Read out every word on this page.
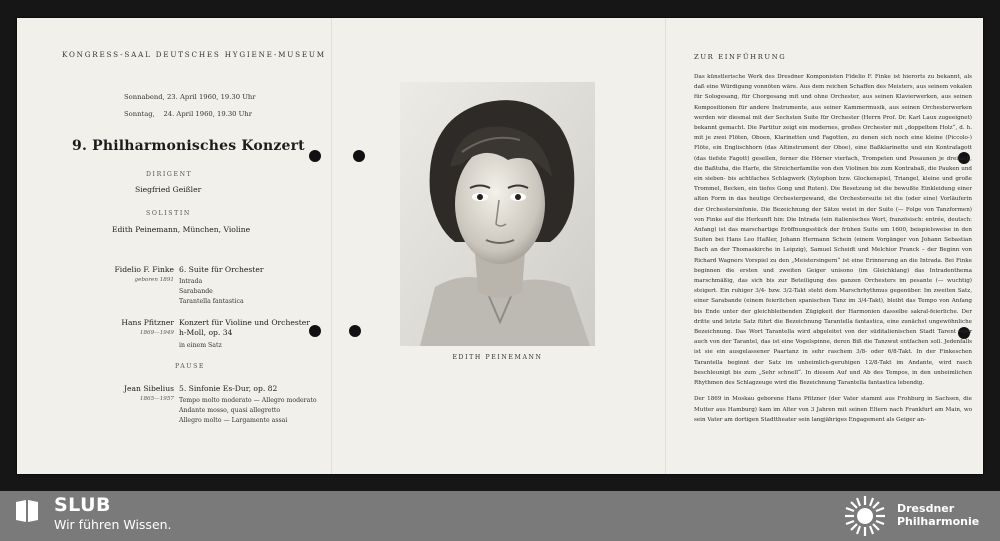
KONGRESS-SAAL DEUTSCHES HYGIENE-MUSEUM
Sonnabend, 23. April 1960, 19.30 Uhr
Sonntag,    24. April 1960, 19.30 Uhr
9. Philharmonisches Konzert
DIRIGENT
Siegfried Geißler
SOLISTIN
Edith Peinemann, München, Violine
Fidelio F. Finke
geboren 1891
6. Suite für Orchester
Intrada
Sarabande
Tarantella fantastica
Hans Pfitzner
1869—1949
Konzert für Violine und Orchester h-Moll, op. 34
in einem Satz
PAUSE
Jean Sibelius
1865—1957
5. Sinfonie Es-Dur, op. 82
Tempo molto moderato — Allegro moderato
Andante mosso, quasi allegretto
Allegro molto — Largamente assai
EDITH PEINEMANN
ZUR EINFÜHRUNG

Das künstlerische Werk des Dresdner Komponisten Fidelio F. Finke ist hierorts zu bekannt, als daß eine Würdigung vonnöten wäre. Aus dem reichen Schaffen des Meisters, aus seinem vokalen für Sologesang, für Chorgesang mit und ohne Orchester, aus seinen Klavierwerken, aus seinen Kompositionen für andere Instrumente, aus seiner Kammermusik, aus seinen Orchesterwerken werden wir diesmal mit der Sechsten Suite für Orchester (Herrn Prof. Dr. Karl Laux zugeeignet) bekannt gemacht. Die Partitur zeigt ein modernes, großes Orchester mit „doppeltem Holz“, d. h. mit je zwei Flöten, Oboen, Klarinetten und Fagotten, zu denen sich noch eine kleine (Piccolo-) Flöte, ein Englischhorn (das Altinstrument der Oboe), eine Baßklarinette und ein Kontrafagott (das tiefste Fagott) gesellen, ferner die Hörner vierfach, Trompeten und Posaunen je dreifach, die Baßtuba, die Harfe, die Streicherfamilie von den Violinen bis zum Kontrabaß, die Pauken und ein sieben- bis achtfaches Schlagwerk (Xylophon bzw. Glockenspiel, Triangel, kleine und große Trommel, Becken, ein tiefes Gong und Ruten). Die Besetzung ist die bewußte Einkleidung einer alten Form in das heutige Orchestergewand, die Orchestersuite ist die (oder eine) Vorläuferin der Orchestersinfonie. Die Bezeichnung der Sätze weist in der Suite (— Folge von Tanzformen) von Finke auf die Herkunft hin: Die Intrada (ein italienisches Wort, französisch: entrée, deutsch: Anfang) ist das marschartige Eröffnungsstück der frühen Suite um 1600, beispielsweise in den Suiten bei Hans Leo Haßler, Johann Hermann Schein (einem Vorgänger von Johann Sebastian Bach an der Thomaskirche in Leipzig), Samuel Scheidt und Melchior Franck – der Beginn von Richard Wagners Vorspiel zu den „Meistersingern“ ist eine Erinnerung an die Intrada. Bei Finke beginnen die ersten und zweiten Geiger unisono (im Gleichklang) das Intradenthema marschmäßig, das sich bis zur Beteiligung des ganzen Orchesters im pesante (— wuchtig) steigert. Ein ruhiger 3/4- bzw. 3/2-Takt steht dem Marschrhythmus gegenüber. Im zweiten Satz, einer Sarabande (einem feierlichen spanischen Tanz im 3/4-Takt), bleibt das Tempo von Anfang bis Ende unter der gleichbleibenden Zügigkeit der Harmonien dasselbe sakral-feierliche. Der dritte und letzte Satz führt die Bezeichnung Tarantella fantastica, eine zunächst ungewöhnliche Bezeichnung. Das Wort Tarantella wird abgeleitet von der süditalienischen Stadt Tarent oder auch von der Tarantel, das ist eine Vogelspinne, deren Biß die Tanzwut entfachen soll. Jedenfalls ist sie ein ausgelassener Paartanz in sehr raschem 3/8- oder 6/8-Takt. In der Finkeschen Tarantella beginnt der Satz im unheimlich-geruhigen 12/8-Takt im Andante, wird rasch beschleunigt bis zum „Sehr schnell“. In diesem Auf und Ab des Tempos, in den unheimlichen Rhythmen des Schlagzeuge wird die Bezeichnung Tarantella fantastica lebendig.

Der 1869 in Moskau geborene Hans Pfitzner (der Vater stammt aus Frohburg in Sachsen, die Mutter aus Hamburg) kam im Alter von 3 Jahren mit seinen Eltern nach Frankfurt am Main, wo sein Vater am dortigen Stadttheater sein langjähriges Engagement als Geiger an-

SLUB
Wir führen Wissen.
Dresdner
Philharmonie
